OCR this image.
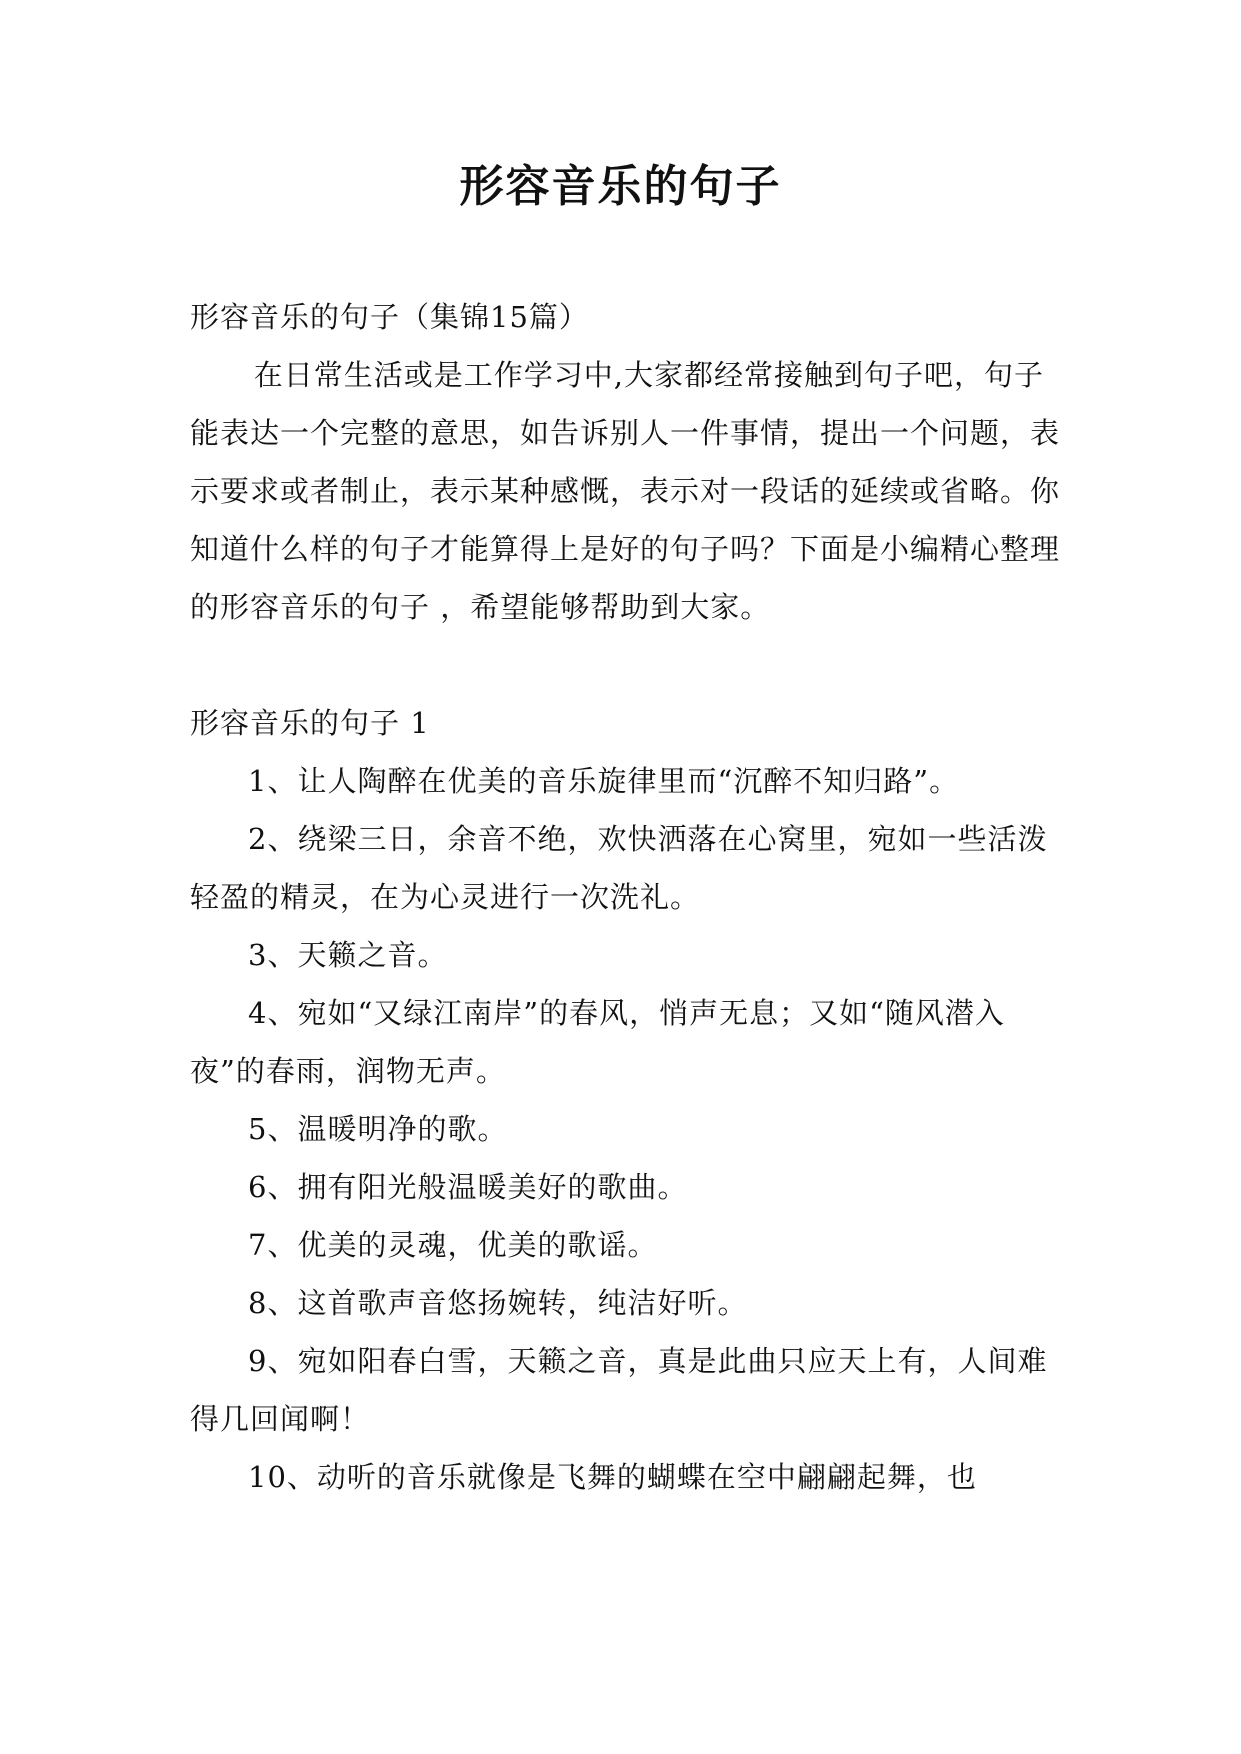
形容音乐的句子

形容音乐的句子（集锦15篇）

在日常生活或是工作学习中,大家都经常接触到句子吧，句子能表达一个完整的意思，如告诉别人一件事情，提出一个问题，表示要求或者制止，表示某种感慨，表示对一段话的延续或省略。你知道什么样的句子才能算得上是好的句子吗？下面是小编精心整理的形容音乐的句子 ，希望能够帮助到大家。

形容音乐的句子 1

1、让人陶醉在优美的音乐旋律里而“沉醉不知归路”。

2、绕梁三日，余音不绝，欢快洒落在心窝里，宛如一些活泼轻盈的精灵，在为心灵进行一次洗礼。

3、天籁之音。

4、宛如“又绿江南岸”的春风，悄声无息；又如“随风潜入夜”的春雨，润物无声。

5、温暖明净的歌。

6、拥有阳光般温暖美好的歌曲。

7、优美的灵魂，优美的歌谣。

8、这首歌声音悠扬婉转，纯洁好听。

9、宛如阳春白雪，天籁之音，真是此曲只应天上有，人间难得几回闻啊！

10、动听的音乐就像是飞舞的蝴蝶在空中翩翩起舞，也
